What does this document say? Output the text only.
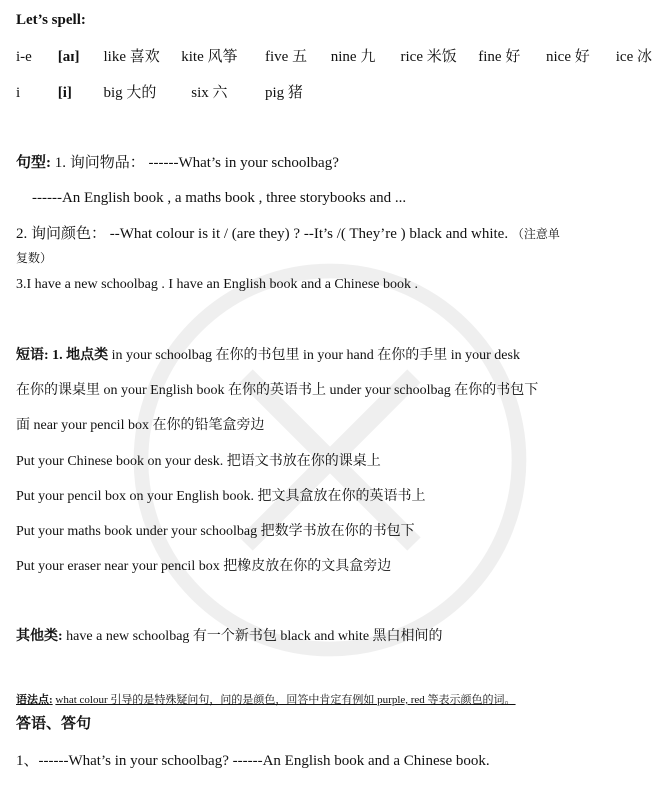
Let’s spell:
i-e [aɪ] like 喜欢 kite 风筝 five 五 nine 九 rice 米饭 fine 好 nice 好 ice 冰
i	[i] big 大的 six 六 pig 猪
句型: 1. 询问物品： ------What’s in your schoolbag?
------An English book , a maths book , three storybooks and ...
2. 询问颜色： --What colour is it / (are they) ? --It’s /( They’re ) black and white. （注意单
复数）
3.I have a new schoolbag . I have an English book and a Chinese book .
短语: 1. 地点类 in your schoolbag 在你的书包里 in your hand 在你的手里 in your desk
在你的课桌里 on your English book 在你的英语书上 under your schoolbag 在你的书包下
面 near your pencil box 在你的铅笔盒旁边
Put your Chinese book on your desk. 把语文书放在你的课桌上
Put your pencil box on your English book. 把文具盒放在你的英语书上
Put your maths book under your schoolbag 把数学书放在你的书包下
Put your eraser near your pencil box 把橡皮放在你的文具盒旁边
其他类: have a new schoolbag 有一个新书包 black and white 黑白相间的
语法点: what colour 引导的是特殊疑问句，问的是颜色，回答中肯定有例如 purple, red 等表示颜色的词。
答语、答句
1、------What’s in your schoolbag? ------An English book and a Chinese book.
